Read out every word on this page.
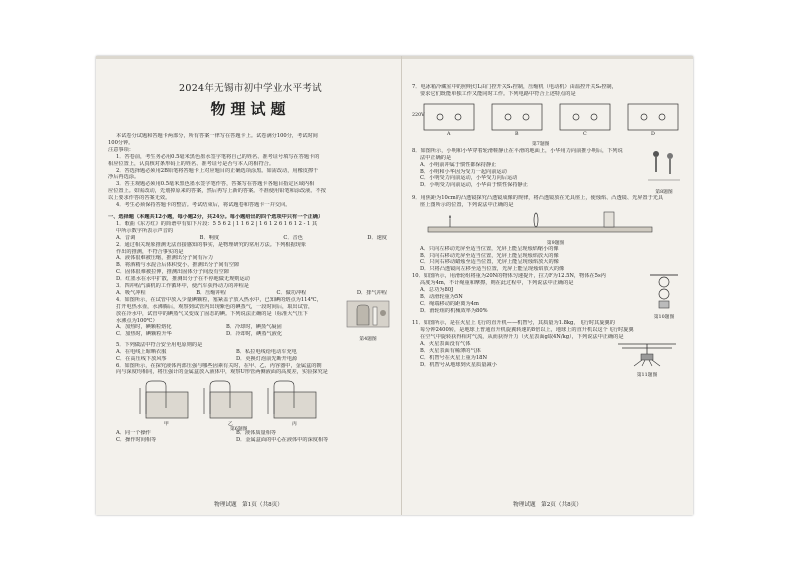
2024年无锡市初中学业水平考试
物理试题
本试卷分试题和答题卡两部分，所有答案一律写在答题卡上。试卷满分100分，考试时间
100分钟。
注意事项：
1．答卷前，考生务必用0.5毫米黑色墨水签字笔将自己的姓名、准考证号填写在答题卡的
相应位置上，认真核对条形码上的姓名、准考证号是否与本人的相符合。
2．答选择题必须用2B铅笔将答题卡上对应题目的正确选项涂黑。如需改动，用橡皮擦干
净后再选涂。
3．答主观题必须用0.5毫米黑色墨水签字笔作答，答案写在答题卡各题目指定区域内相
应位置上。如需改动，先划掉原来的答案，然后再写上新的答案。不准使用铅笔和涂改液。不按
以上要求作答的答案无效。
4．考生必须保持答题卡的整洁。考试结束后，将试题卷和答题卡一并交回。
一、选择题（本题共12小题，每小题2分，共24分。每小题给出的四个选项中只有一个正确）
1．歌曲《东方红》的简谱中有如下片段：5 5 6 2 | 1 1 6 2 | 1 6 1 2 6 1 6 1 2 - 1 其
中所示数字所表示声音的
A．音调	B．响度	C．音色	D．速度
2．通过相关现象推测无法直接感知的事实，是物理研究的常用方法。下列根据现象
作出的推测，不符合事实的是
A．液体很难被压缩，推测出分子间有斥力
B．将酒精与水混合后体积变小，推测出分子间有空隙
C．固体很难被拉伸，推测出固体分子间没有空隙
D．红墨水在水中扩散，推测出分子在不停地做无规则运动
3．四冲程汽油机的工作循环中，使汽车获得动力的冲程是
A．吸气冲程	B．压缩冲程	C．做功冲程	D．排气冲程
4．如图所示，在试管中放入少量碘颗粒，塞紧盖子放入热水中，已知碘的熔点为114℃，
打开电热水壶，水沸腾后，观察到试管内出现紫色的碘蒸气，一段时间后，取出试管，
放在冷水中，试管中的碘蒸气又变成了固态的碘。下列说法正确的是（标准大气压下
水沸点为100℃）
A．加热时，碘颗粒熔化	B．冷却时，碘蒸气凝固
C．加热时，碘颗粒升华	D．冷却时，碘蒸气液化
第4题图
5．下列做法中符合安全用电原则的是
A．在电线上晾晒衣服	B．私拉电线给电动车充电
C．在高压线下放风筝	D．更换灯泡前先断开电源
6．如图所示，在探究液体内部压强与哪些因素有关时，在甲、乙、丙容器中，金属盒的朝
向与深度均相同，将压强计的金属盒放入液体中，观察U形管两侧液面的高度差，实验探究是
甲	乙	丙
第6题图
A．同一个操作	B．液体质量相等
C．操作时间相等	D．金属盒面的中心在液体中的深度相等
物理试题　第1页（共8页）
7．电冰箱冷藏室中的照明灯L由门控开关S₁控制，压缩机（电动机）由温控开关S₂控制，
要求它们既能单独工作又能同时工作。下列电路中符合上述特点的是
220V
A	B	C	D
第7题图
8．如图所示，小明和小华穿着轮滑鞋静止在平滑的地面上，小华用力向前推小明后，下列说
法中正确的是
A．小明前冲属于惯性都保持静止
B．小明和小华因为受力一起向前运动
C．小明受力向前运动，小华受力向后运动
D．小明受力向前运动，小华由于惯性保持静止
第8题图
9．用焦距为10cm的凸透镜探究凸透镜成像的规律，将凸透镜放在光具座上，使烛焰、凸透镜、光屏置于光具
座上图所示的位置，下列说法中正确的是
第9题图
A．只向左移动光屏至适当位置，光屏上能呈现烛焰缩小的像
B．只向右移动光屏至适当位置，光屏上能呈现烛焰放大的像
C．只向右移动蜡烛至适当位置，光屏上能呈现烛焰放大的像
D．只将凸透镜向左移至适当位置，光屏上能呈现烛焰放大的像
10．如图所示，用滑轮组将重为20N的物体匀速提升，拉力F为12.5N，物体在5s内
高度为4m，不计绳重和摩擦，则在此过程中，下列说法中正确的是
A．总功为80J
B．动滑轮重为5N
C．绳端移动的距离为4m
D．滑轮组的机械效率为80%
第10题图
11．如图所示，是在火星上飞行的直升机——机智号，其质量为1.8kg，飞行时其旋翼的
每分钟2400转，是地球上普通直升机旋翼转速的8倍以上，地球上的直升机以这个飞行时旋翼
在空气中旋转获得相对气流，从而获得升力（火星表面g取4N/kg），下列说法中正确的是
A．火星表面没有气体
B．火星表面有稀薄的气体
C．机智号在火星上重为18N
D．机智号从地球到火星质量减小
第11题图
物理试题　第2页（共8页）
